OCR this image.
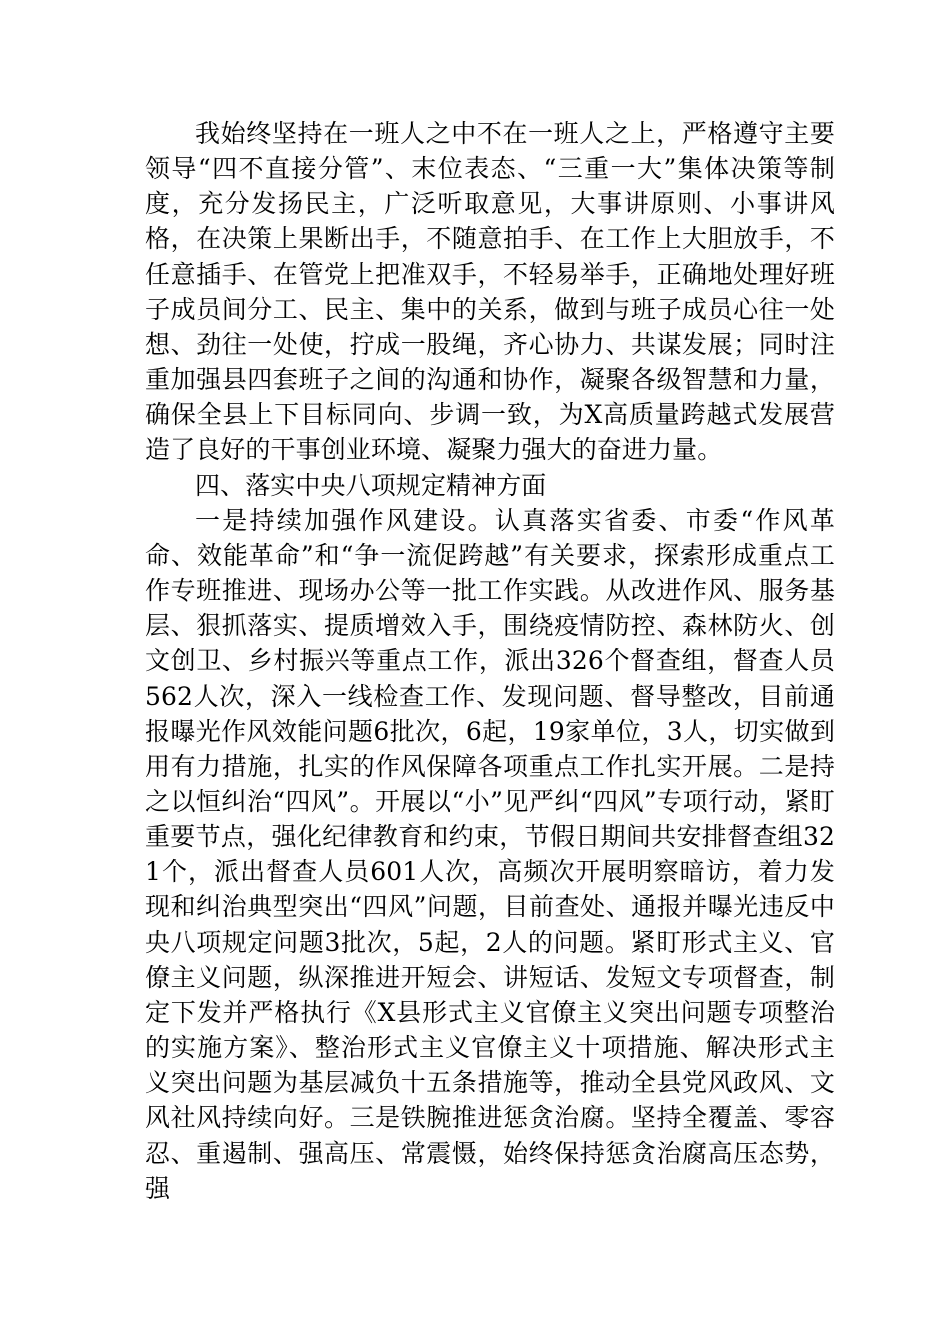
我始终坚持在一班人之中不在一班人之上，严格遵守主要领导“四不直接分管”、末位表态、“三重一大”集体决策等制度，充分发扬民主，广泛听取意见，大事讲原则、小事讲风格，在决策上果断出手，不随意拍手、在工作上大胆放手，不任意插手、在管党上把准双手，不轻易举手，正确地处理好班子成员间分工、民主、集中的关系，做到与班子成员心往一处想、劲往一处使，拧成一股绳，齐心协力、共谋发展；同时注重加强县四套班子之间的沟通和协作，凝聚各级智慧和力量，确保全县上下目标同向、步调一致，为X高质量跨越式发展营造了良好的干事创业环境、凝聚力强大的奋进力量。

四、落实中央八项规定精神方面

一是持续加强作风建设。认真落实省委、市委“作风革命、效能革命”和“争一流促跨越”有关要求，探索形成重点工作专班推进、现场办公等一批工作实践。从改进作风、服务基层、狠抓落实、提质增效入手，围绕疫情防控、森林防火、创文创卫、乡村振兴等重点工作，派出326个督查组，督查人员562人次，深入一线检查工作、发现问题、督导整改，目前通报曝光作风效能问题6批次，6起，19家单位，3人，切实做到用有力措施，扎实的作风保障各项重点工作扎实开展。二是持之以恒纠治“四风”。开展以“小”见严纠“四风”专项行动，紧盯重要节点，强化纪律教育和约束，节假日期间共安排督查组321个，派出督查人员601人次，高频次开展明察暗访，着力发现和纠治典型突出“四风”问题，目前查处、通报并曝光违反中央八项规定问题3批次，5起，2人的问题。紧盯形式主义、官僚主义问题，纵深推进开短会、讲短话、发短文专项督查，制定下发并严格执行《X县形式主义官僚主义突出问题专项整治的实施方案》、整治形式主义官僚主义十项措施、解决形式主义突出问题为基层减负十五条措施等，推动全县党风政风、文风社风持续向好。三是铁腕推进惩贪治腐。坚持全覆盖、零容忍、重遏制、强高压、常震慑，始终保持惩贪治腐高压态势，强
